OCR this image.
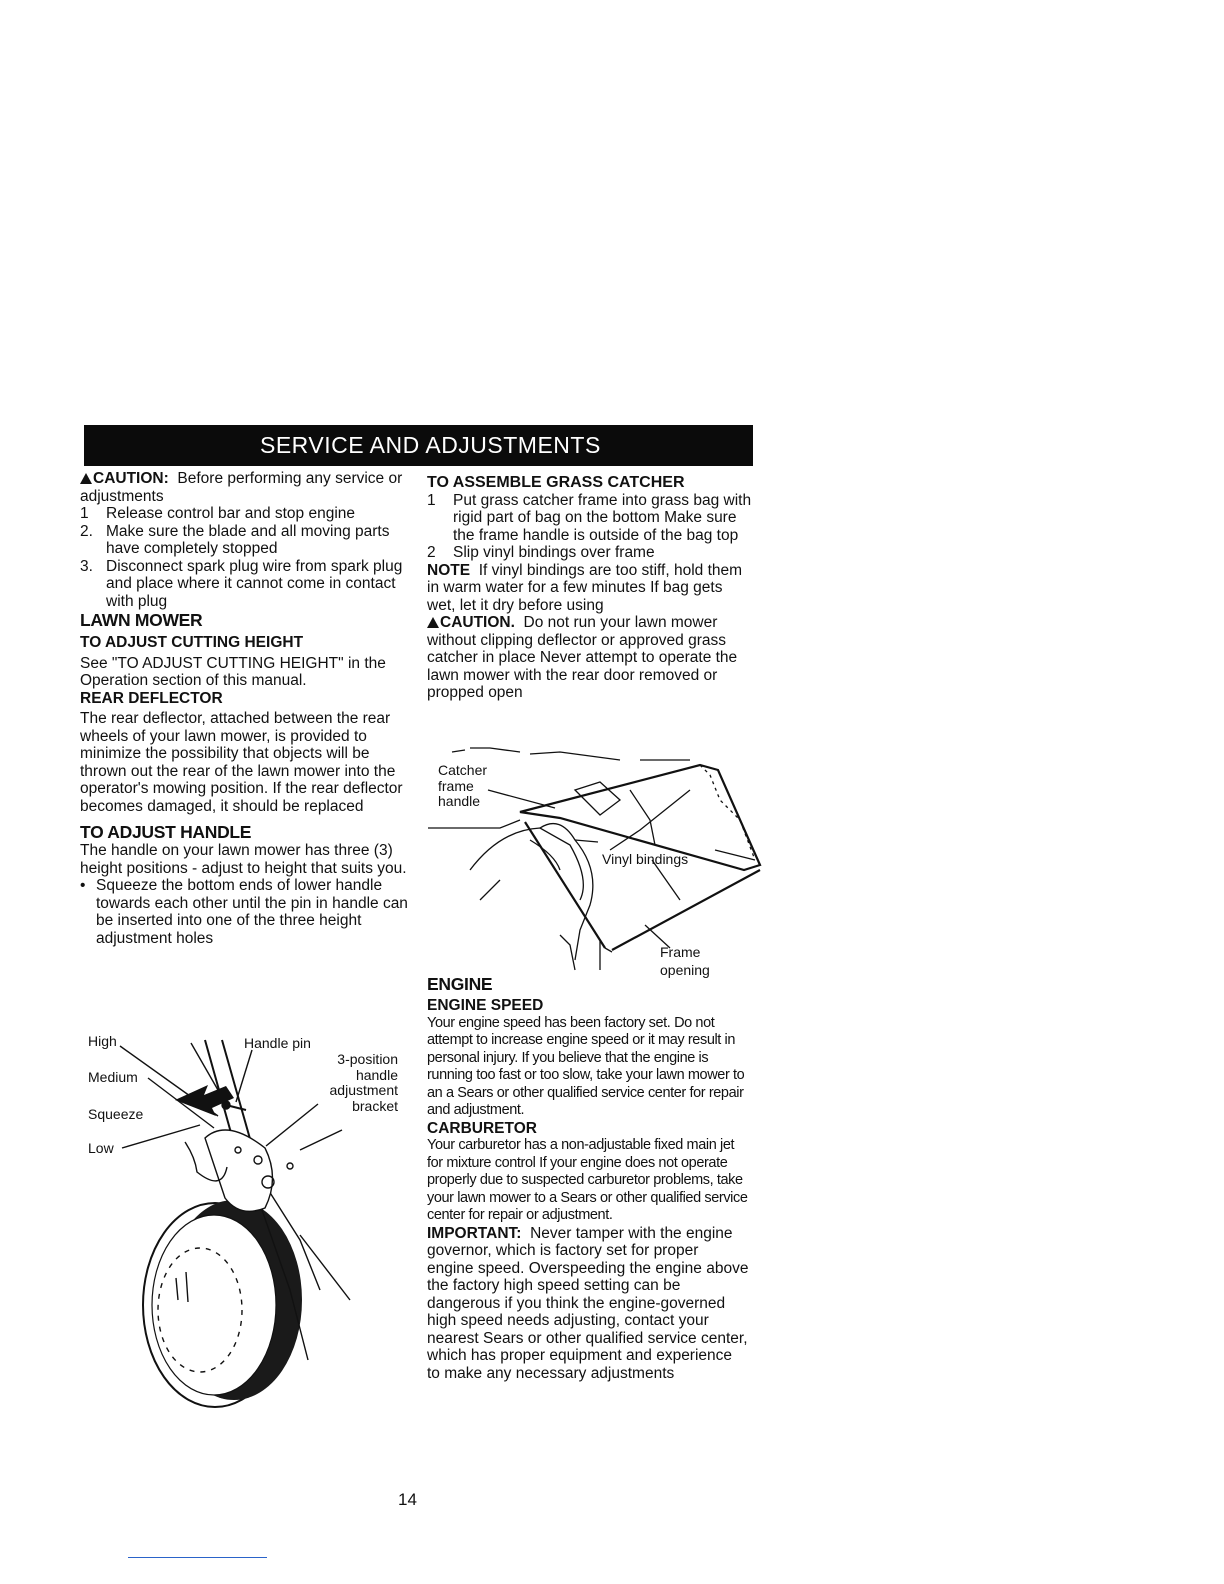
SERVICE AND ADJUSTMENTS

CAUTION: Before performing any service or adjustments

1 Release control bar and stop engine
2. Make sure the blade and all moving parts have completely stopped
3. Disconnect spark plug wire from spark plug and place where it cannot come in contact with plug

LAWN MOWER

TO ADJUST CUTTING HEIGHT

See "TO ADJUST CUTTING HEIGHT" in the Operation section of this manual.

REAR DEFLECTOR

The rear deflector, attached between the rear wheels of your lawn mower, is provided to minimize the possibility that objects will be thrown out the rear of the lawn mower into the operator's mowing position. If the rear deflector becomes damaged, it should be replaced

TO ADJUST HANDLE

The handle on your lawn mower has three (3) height positions - adjust to height that suits you.

• Squeeze the bottom ends of lower handle towards each other until the pin in handle can be inserted into one of the three height adjustment holes
High
Medium
Squeeze
Low
Handle pin
3-position handle adjustment bracket

TO ASSEMBLE GRASS CATCHER

1 Put grass catcher frame into grass bag with rigid part of bag on the bottom Make sure the frame handle is outside of the bag top
2 Slip vinyl bindings over frame

NOTE If vinyl bindings are too stiff, hold them in warm water for a few minutes If bag gets wet, let it dry before using

CAUTION. Do not run your lawn mower without clipping deflector or approved grass catcher in place Never attempt to operate the lawn mower with the rear door removed or propped open

Catcher frame handle
Vinyl bindings
Frame opening

ENGINE

ENGINE SPEED

Your engine speed has been factory set. Do not attempt to increase engine speed or it may result in personal injury. If you believe that the engine is running too fast or too slow, take your lawn mower to an a Sears or other qualified service center for repair and adjustment.

CARBURETOR

Your carburetor has a non-adjustable fixed main jet for mixture control If your engine does not operate properly due to suspected carburetor problems, take your lawn mower to a Sears or other qualified service center for repair or adjustment.

IMPORTANT: Never tamper with the engine governor, which is factory set for proper engine speed. Overspeeding the engine above the factory high speed setting can be dangerous if you think the engine-governed high speed needs adjusting, contact your nearest Sears or other qualified service center, which has proper equipment and experience to make any necessary adjustments

14
